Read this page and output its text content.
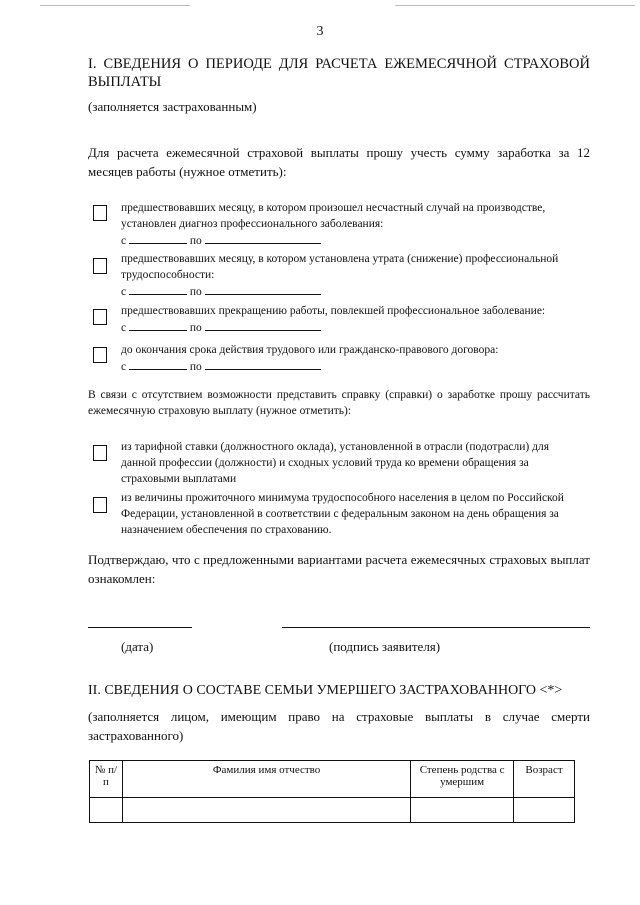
3
I. СВЕДЕНИЯ О ПЕРИОДЕ ДЛЯ РАСЧЕТА ЕЖЕМЕСЯЧНОЙ СТРАХОВОЙ
ВЫПЛАТЫ
(заполняется застрахованным)
Для расчета ежемесячной страховой выплаты прошу учесть сумму заработка за 12 месяцев работы (нужное отметить):
предшествовавших месяцу, в котором произошел несчастный случай на производстве, установлен диагноз профессионального заболевания:
с	по
предшествовавших месяцу, в котором установлена утрата (снижение) профессиональной трудоспособности:
с	по
предшествовавших прекращению работы, повлекшей профессиональное заболевание:
с	по
до окончания срока действия трудового или гражданско-правового договора:
с	по
В связи с отсутствием возможности представить справку (справки) о заработке прошу рассчитать ежемесячную страховую выплату (нужное отметить):
из тарифной ставки (должностного оклада), установленной в отрасли (подотрасли) для данной профессии (должности) и сходных условий труда ко времени обращения за страховыми выплатами
из величины прожиточного минимума трудоспособного населения в целом по Российской Федерации, установленной в соответствии с федеральным законом на день обращения за назначением обеспечения по страхованию.
Подтверждаю, что с предложенными вариантами расчета ежемесячных страховых выплат ознакомлен:
(дата)	(подпись заявителя)
II. СВЕДЕНИЯ О СОСТАВЕ СЕМЬИ УМЕРШЕГО ЗАСТРАХОВАННОГО <*>
(заполняется лицом, имеющим право на страховые выплаты в случае смерти застрахованного)
№ п/п	Фамилия имя отчество	Степень родства с умершим	Возраст
